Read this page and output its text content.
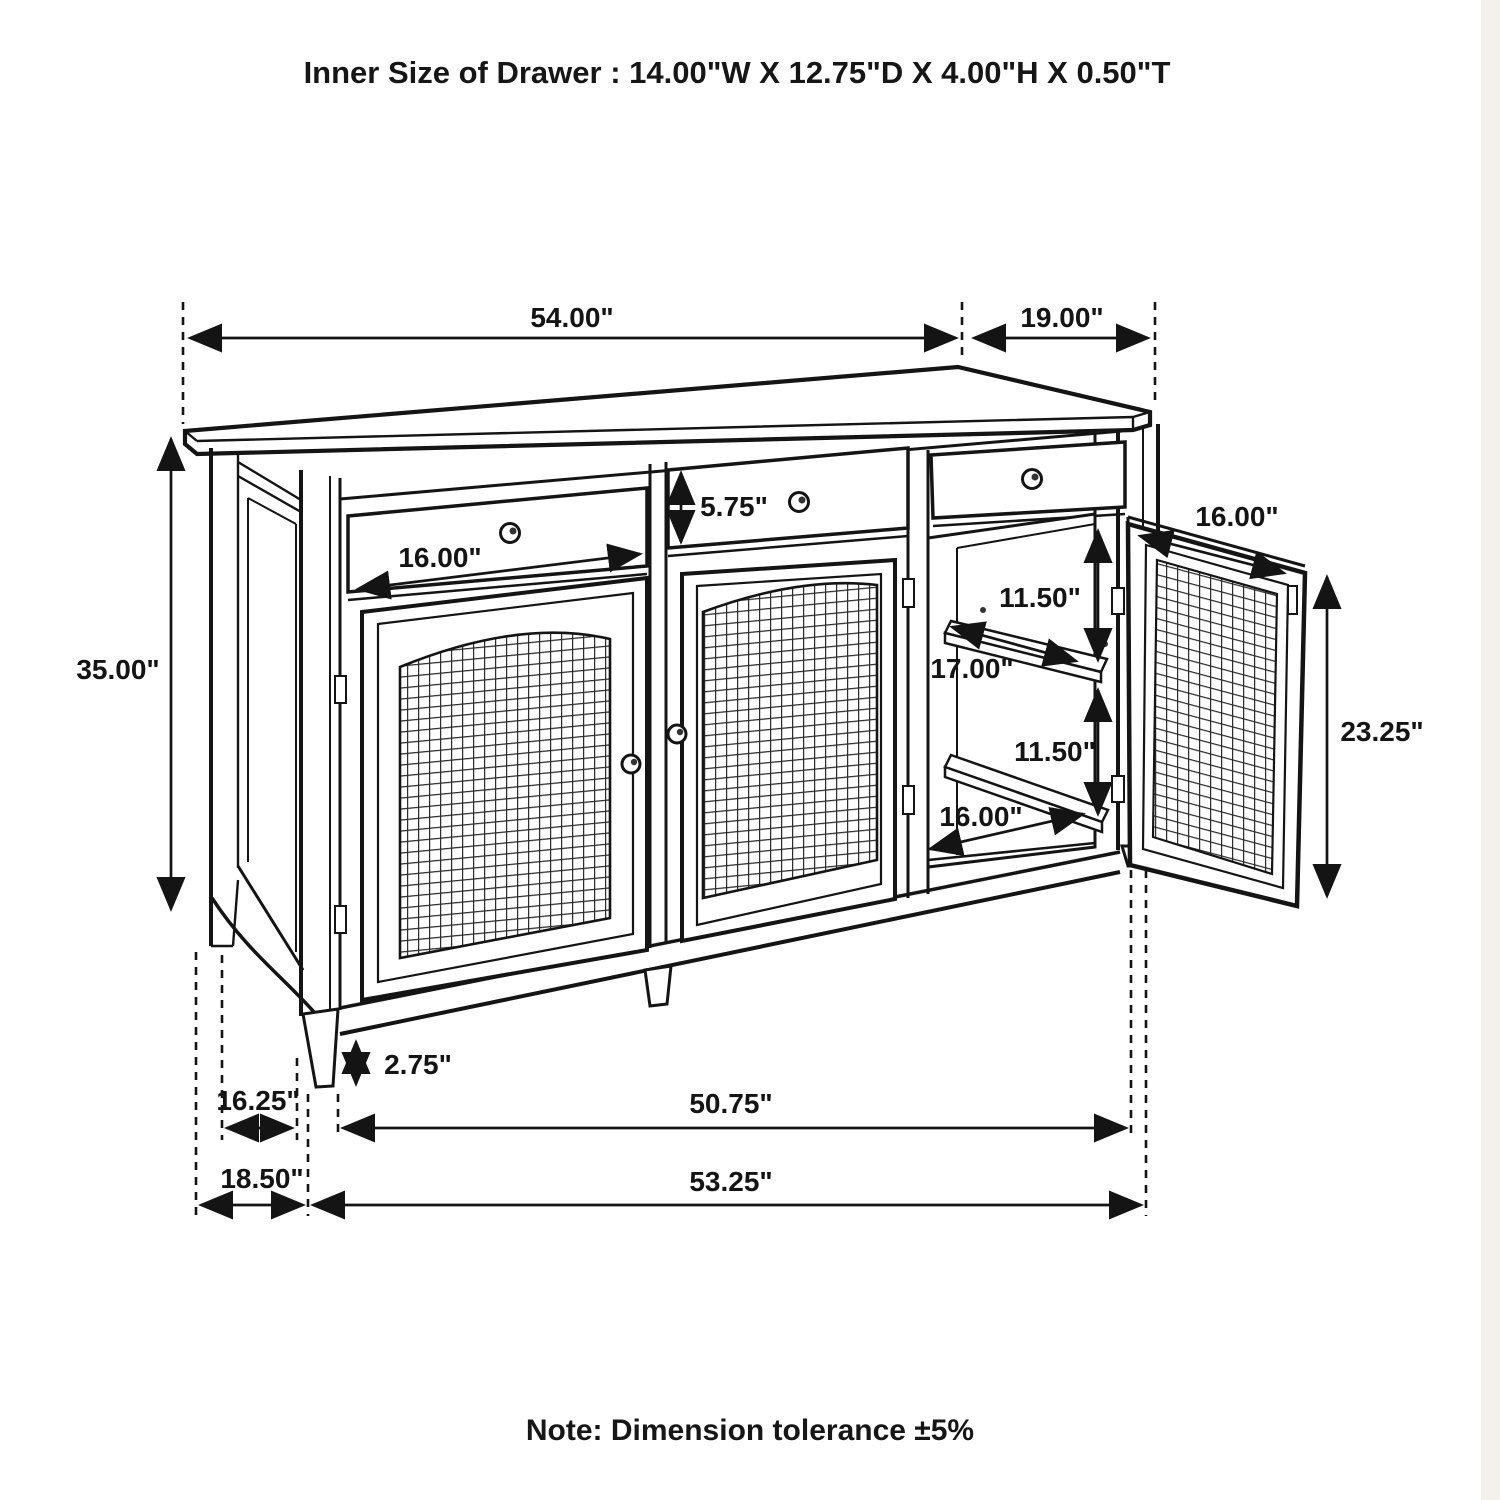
Inner Size of Drawer : 14.00"W X 12.75"D X 4.00"H X 0.50"T
54.00"	19.00"
35.00"
16.00"
5.75"
11.50"
17.00"
11.50"
16.00"
16.00"
23.25"
2.75"
16.25"	50.75"
18.50"	53.25"
Note: Dimension tolerance ±5%
